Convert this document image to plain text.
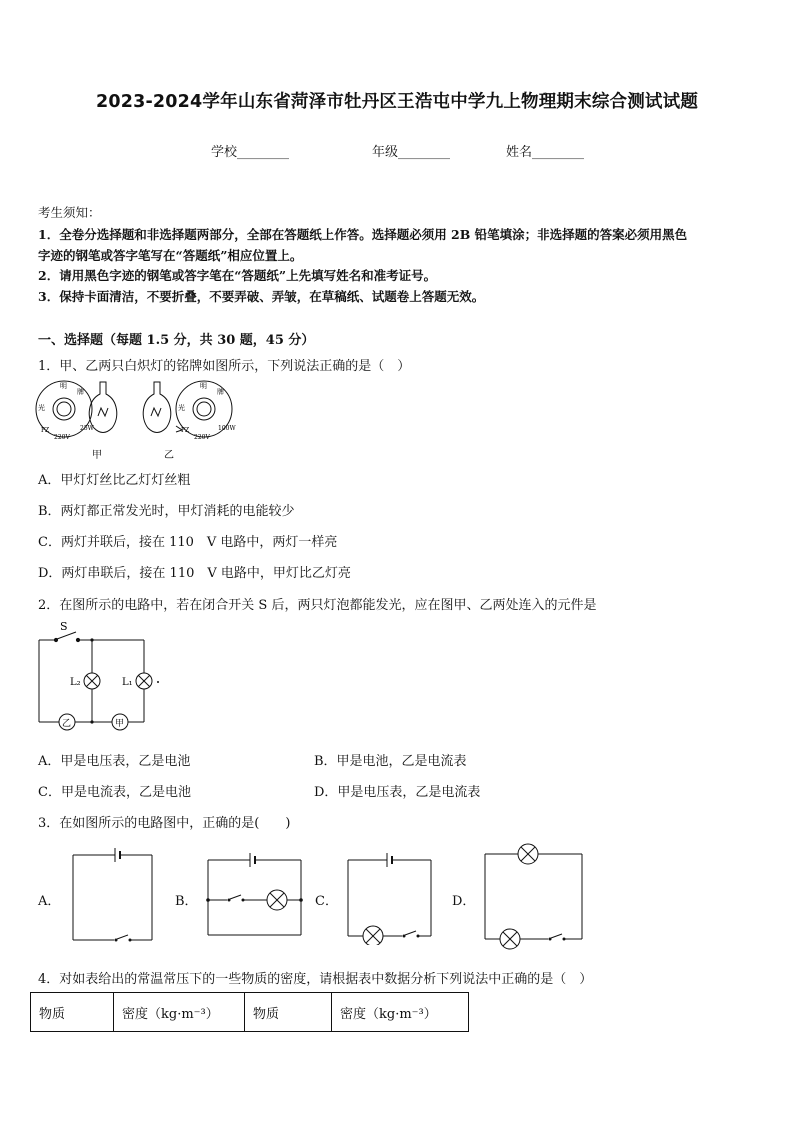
2023-2024学年山东省菏泽市牡丹区王浩屯中学九上物理期末综合测试试题
学校________	年级________	姓名________
考生须知：
1．全卷分选择题和非选择题两部分，全部在答题纸上作答。选择题必须用 2B 铅笔填涂；非选择题的答案必须用黑色
字迹的钢笔或答字笔写在“答题纸”相应位置上。
2．请用黑色字迹的钢笔或答字笔在“答题纸”上先填写姓名和准考证号。
3．保持卡面清洁，不要折叠，不要弄破、弄皱，在草稿纸、试题卷上答题无效。
一、选择题（每题 1.5 分，共 30 题，45 分）
1．甲、乙两只白炽灯的铭牌如图所示，下列说法正确的是（　）
光
明
牌
PZ
220V
25W
光
明
牌
PZ
220V
100W
甲	乙
A．甲灯灯丝比乙灯灯丝粗
B．两灯都正常发光时，甲灯消耗的电能较少
C．两灯并联后，接在 110　V 电路中，两灯一样亮
D．两灯串联后，接在 110　V 电路中，甲灯比乙灯亮
2．在图所示的电路中，若在闭合开关 S 后，两只灯泡都能发光，应在图甲、乙两处连入的元件是
S
L₂	L₁
乙	甲
A．甲是电压表，乙是电池	B．甲是电池，乙是电流表
C．甲是电流表，乙是电池	D．甲是电压表，乙是电流表
3．在如图所示的电路图中，正确的是(　　)
A．	B．	C．	D．
4．对如表给出的常温常压下的一些物质的密度，请根据表中数据分析下列说法中正确的是（　）
物质	密度（kg·m⁻³）	物质	密度（kg·m⁻³）
